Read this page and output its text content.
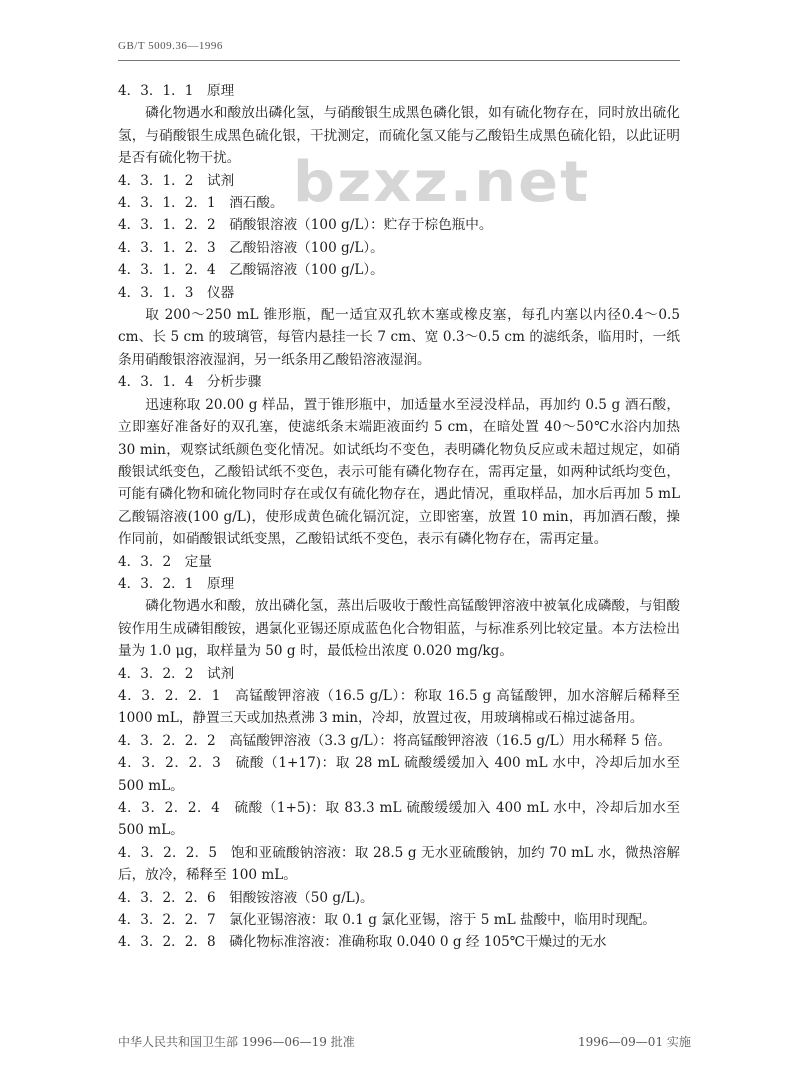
GB/T 5009.36—1996
bzxz.net

4．3．1．1　原理

磷化物遇水和酸放出磷化氢，与硝酸银生成黑色磷化银，如有硫化物存在，同时放出硫化氢，与硝酸银生成黑色硫化银，干扰测定，而硫化氢又能与乙酸铅生成黑色硫化铅，以此证明是否有硫化物干扰。

4．3．1．2　试剂

4．3．1．2．1　酒石酸。

4．3．1．2．2　硝酸银溶液（100 g/L）：贮存于棕色瓶中。

4．3．1．2．3　乙酸铅溶液（100 g/L）。

4．3．1．2．4　乙酸镉溶液（100 g/L）。

4．3．1．3　仪器

取 200～250 mL 锥形瓶，配一适宜双孔软木塞或橡皮塞，每孔内塞以内径0.4～0.5 cm、长 5 cm 的玻璃管，每管内悬挂一长 7 cm、宽 0.3～0.5 cm 的滤纸条，临用时，一纸条用硝酸银溶液湿润，另一纸条用乙酸铅溶液湿润。

4．3．1．4　分析步骤

迅速称取 20.00 g 样品，置于锥形瓶中，加适量水至浸没样品，再加约 0.5 g 酒石酸，立即塞好准备好的双孔塞，使滤纸条末端距液面约 5 cm，在暗处置 40～50℃水浴内加热 30 min，观察试纸颜色变化情况。如试纸均不变色，表明磷化物负反应或未超过规定，如硝酸银试纸变色，乙酸铅试纸不变色，表示可能有磷化物存在，需再定量，如两种试纸均变色，可能有磷化物和硫化物同时存在或仅有硫化物存在，遇此情况，重取样品，加水后再加 5 mL 乙酸镉溶液(100 g/L)，使形成黄色硫化镉沉淀，立即密塞，放置 10 min，再加酒石酸，操作同前，如硝酸银试纸变黑，乙酸铅试纸不变色，表示有磷化物存在，需再定量。

4．3．2　定量

4．3．2．1　原理

磷化物遇水和酸，放出磷化氢，蒸出后吸收于酸性高锰酸钾溶液中被氧化成磷酸，与钼酸铵作用生成磷钼酸铵，遇氯化亚锡还原成蓝色化合物钼蓝，与标准系列比较定量。本方法检出量为 1.0 μg，取样量为 50 g 时，最低检出浓度 0.020 mg/kg。

4．3．2．2　试剂

4．3．2．2．1　高锰酸钾溶液（16.5 g/L）：称取 16.5 g 高锰酸钾，加水溶解后稀释至 1000 mL，静置三天或加热煮沸 3 min，冷却，放置过夜，用玻璃棉或石棉过滤备用。

4．3．2．2．2　高锰酸钾溶液（3.3 g/L）：将高锰酸钾溶液（16.5 g/L）用水稀释 5 倍。

4．3．2．2．3　硫酸（1+17)：取 28 mL 硫酸缓缓加入 400 mL 水中，冷却后加水至 500 mL。

4．3．2．2．4　硫酸（1+5)：取 83.3 mL 硫酸缓缓加入 400 mL 水中，冷却后加水至 500 mL。

4．3．2．2．5　饱和亚硫酸钠溶液：取 28.5 g 无水亚硫酸钠，加约 70 mL 水，微热溶解后，放冷，稀释至 100 mL。

4．3．2．2．6　钼酸铵溶液（50 g/L)。

4．3．2．2．7　氯化亚锡溶液：取 0.1 g 氯化亚锡，溶于 5 mL 盐酸中，临用时现配。

4．3．2．2．8　磷化物标准溶液：准确称取 0.040 0 g 经 105℃干燥过的无水

中华人民共和国卫生部 1996—06—19 批准	1996—09—01 实施
